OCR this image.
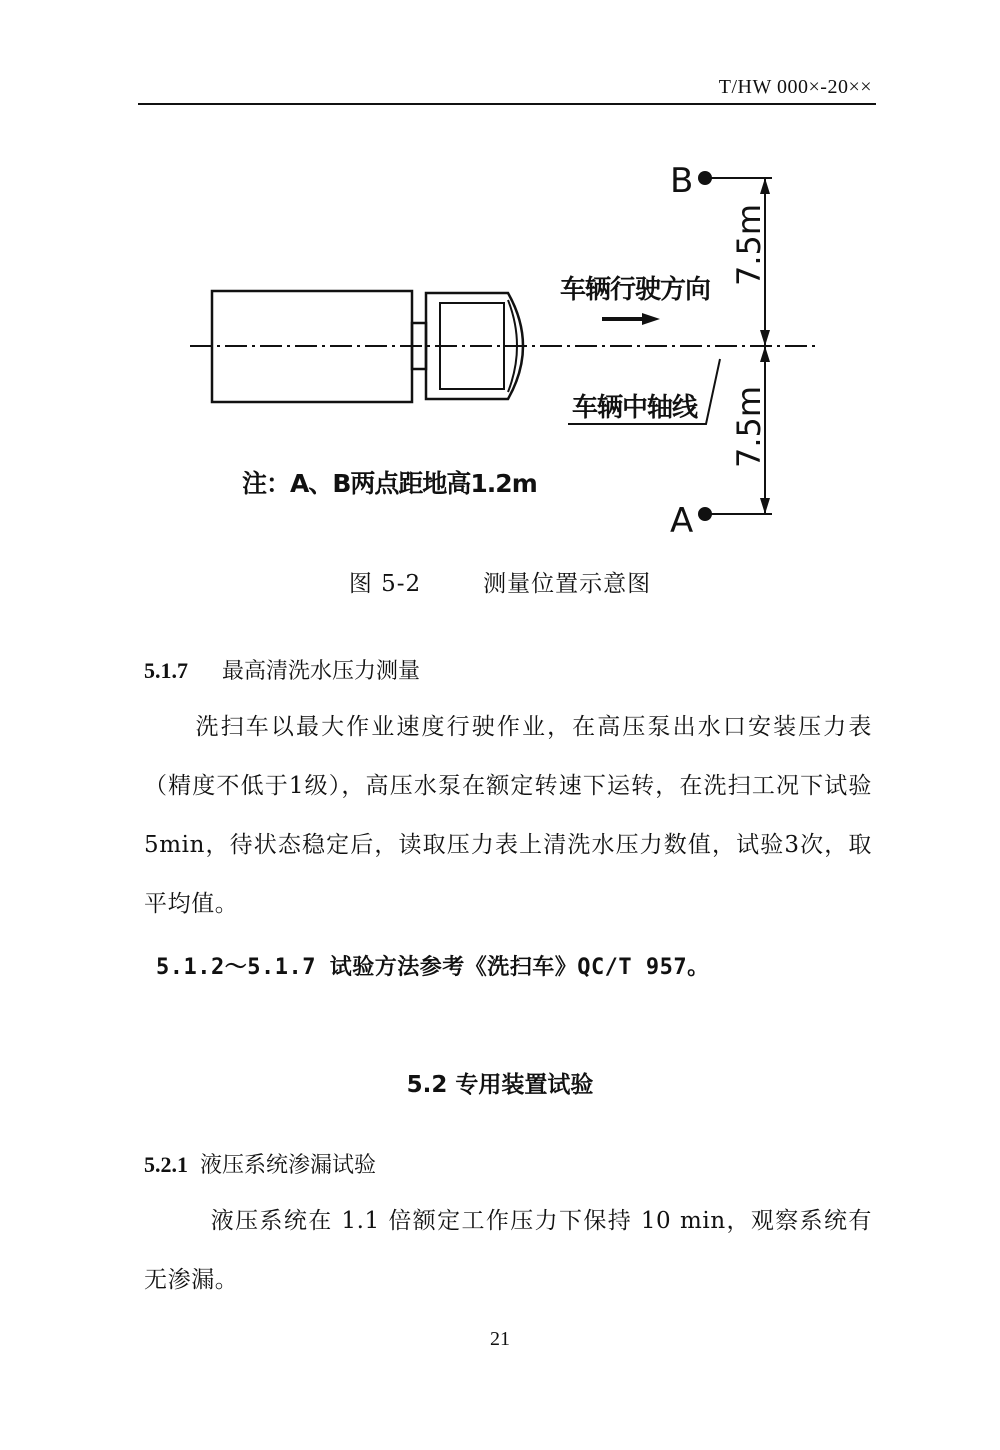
T/HW 000×-20××
B
A
车辆行驶方向
车辆中轴线
7.5m
7.5m
注：A、B两点距地高1.2m
图 5-2	测量位置示意图
5.1.7 最高清洗水压力测量
洗扫车以最大作业速度行驶作业，在高压泵出水口安装压力表（精度不低于1级），高压水泵在额定转速下运转，在洗扫工况下试验5min，待状态稳定后，读取压力表上清洗水压力数值，试验3次，取平均值。
5.1.2～5.1.7 试验方法参考《洗扫车》QC/T 957。
5.2 专用装置试验
5.2.1 液压系统渗漏试验
液压系统在 1.1 倍额定工作压力下保持 10 min，观察系统有无渗漏。
21
